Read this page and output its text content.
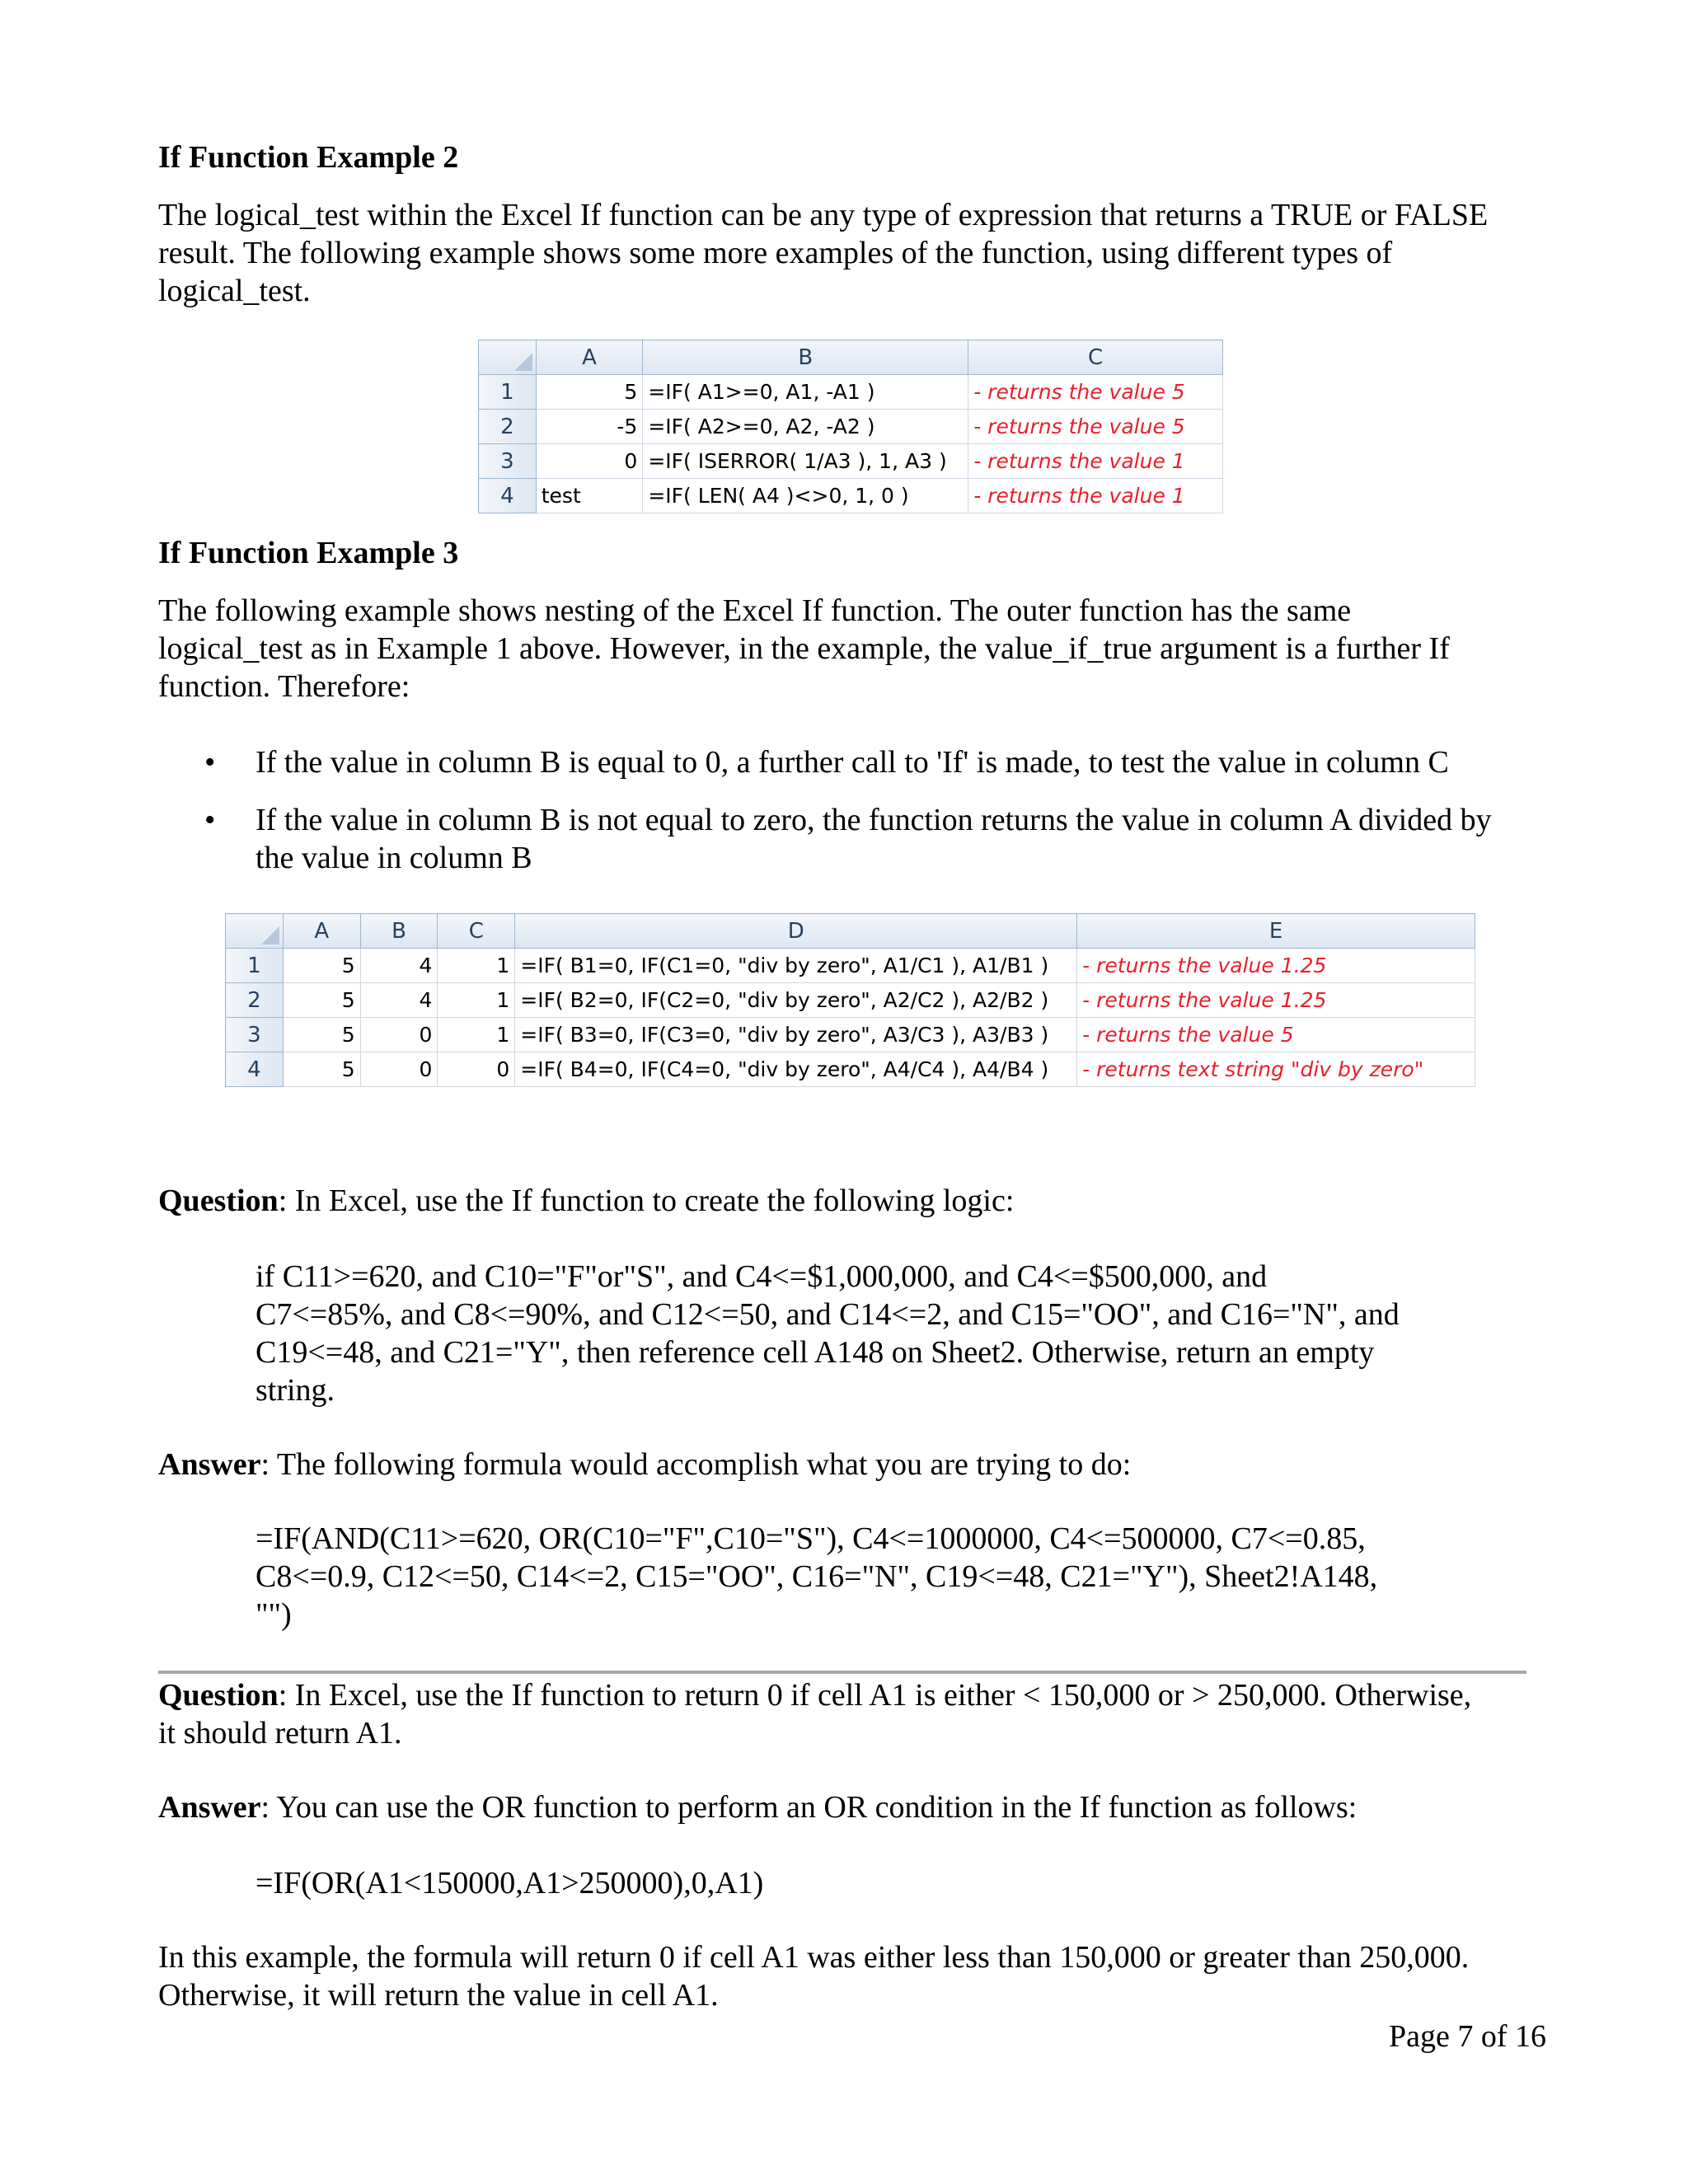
If Function Example 2
The logical_test within the Excel If function can be any type of expression that returns a TRUE or FALSE
result. The following example shows some more examples of the function, using different types of
logical_test.
	A	B	C
1	5	=IF( A1>=0, A1, -A1 )	- returns the value 5
2	-5	=IF( A2>=0, A2, -A2 )	- returns the value 5
3	0	=IF( ISERROR( 1/A3 ), 1, A3 )	- returns the value 1
4	test	=IF( LEN( A4 )<>0, 1, 0 )	- returns the value 1
If Function Example 3
The following example shows nesting of the Excel If function. The outer function has the same
logical_test as in Example 1 above. However, in the example, the value_if_true argument is a further If
function. Therefore:
• If the value in column B is equal to 0, a further call to 'If' is made, to test the value in column C
• If the value in column B is not equal to zero, the function returns the value in column A divided by
the value in column B
	A	B	C	D	E
1	5	4	1	=IF( B1=0, IF(C1=0, "div by zero", A1/C1 ), A1/B1 )	- returns the value 1.25
2	5	4	1	=IF( B2=0, IF(C2=0, "div by zero", A2/C2 ), A2/B2 )	- returns the value 1.25
3	5	0	1	=IF( B3=0, IF(C3=0, "div by zero", A3/C3 ), A3/B3 )	- returns the value 5
4	5	0	0	=IF( B4=0, IF(C4=0, "div by zero", A4/C4 ), A4/B4 )	- returns text string "div by zero"
Question: In Excel, use the If function to create the following logic:
if C11>=620, and C10="F"or"S", and C4<=$1,000,000, and C4<=$500,000, and
C7<=85%, and C8<=90%, and C12<=50, and C14<=2, and C15="OO", and C16="N", and
C19<=48, and C21="Y", then reference cell A148 on Sheet2. Otherwise, return an empty
string.
Answer: The following formula would accomplish what you are trying to do:
=IF(AND(C11>=620, OR(C10="F",C10="S"), C4<=1000000, C4<=500000, C7<=0.85,
C8<=0.9, C12<=50, C14<=2, C15="OO", C16="N", C19<=48, C21="Y"), Sheet2!A148,
"")
Question: In Excel, use the If function to return 0 if cell A1 is either < 150,000 or > 250,000. Otherwise,
it should return A1.
Answer: You can use the OR function to perform an OR condition in the If function as follows:
=IF(OR(A1<150000,A1>250000),0,A1)
In this example, the formula will return 0 if cell A1 was either less than 150,000 or greater than 250,000.
Otherwise, it will return the value in cell A1.
Page 7 of 16
